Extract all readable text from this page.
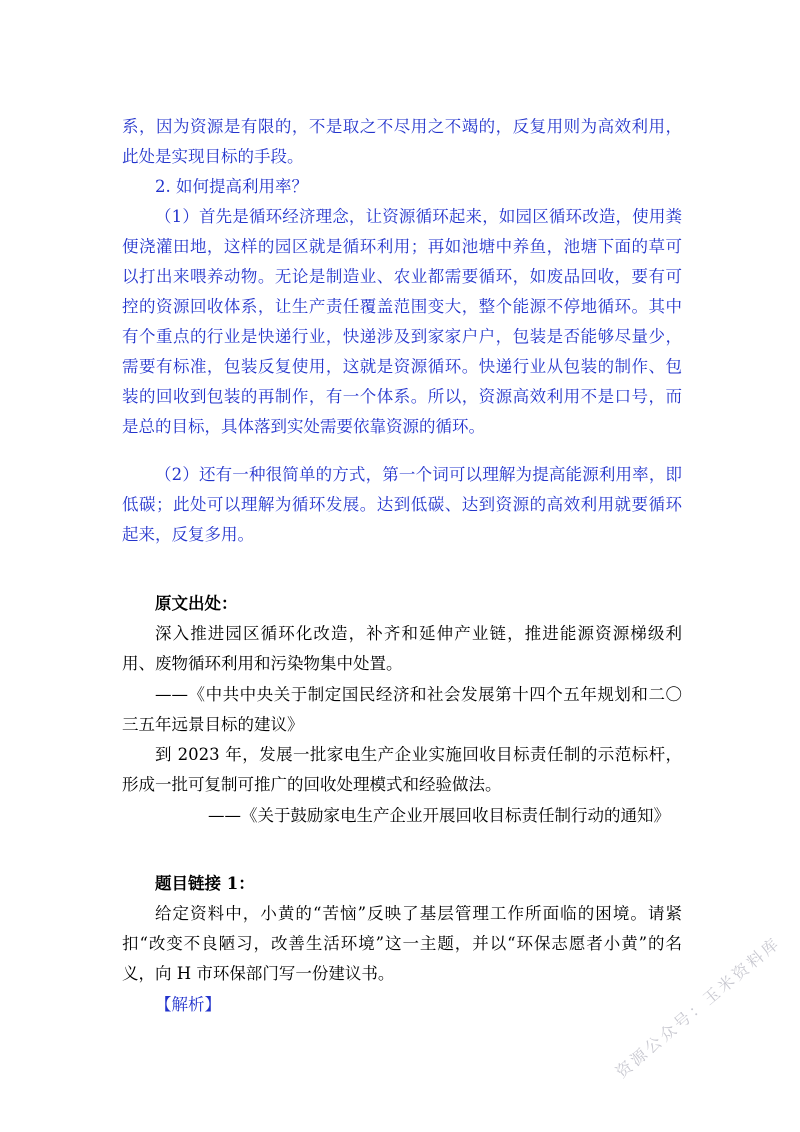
系，因为资源是有限的，不是取之不尽用之不竭的，反复用则为高效利用，此处是实现目标的手段。

2. 如何提高利用率？

（1）首先是循环经济理念，让资源循环起来，如园区循环改造，使用粪便浇灌田地，这样的园区就是循环利用；再如池塘中养鱼，池塘下面的草可以打出来喂养动物。无论是制造业、农业都需要循环，如废品回收，要有可控的资源回收体系，让生产责任覆盖范围变大，整个能源不停地循环。其中有个重点的行业是快递行业，快递涉及到家家户户，包装是否能够尽量少，需要有标准，包装反复使用，这就是资源循环。快递行业从包装的制作、包装的回收到包装的再制作，有一个体系。所以，资源高效利用不是口号，而是总的目标，具体落到实处需要依靠资源的循环。

（2）还有一种很简单的方式，第一个词可以理解为提高能源利用率，即低碳；此处可以理解为循环发展。达到低碳、达到资源的高效利用就要循环起来，反复多用。

原文出处：

深入推进园区循环化改造，补齐和延伸产业链，推进能源资源梯级利用、废物循环利用和污染物集中处置。

——《中共中央关于制定国民经济和社会发展第十四个五年规划和二〇三五年远景目标的建议》

到 2023 年，发展一批家电生产企业实施回收目标责任制的示范标杆，形成一批可复制可推广的回收处理模式和经验做法。

——《关于鼓励家电生产企业开展回收目标责任制行动的通知》

题目链接 1：

给定资料中，小黄的“苦恼”反映了基层管理工作所面临的困境。请紧扣“改变不良陋习，改善生活环境”这一主题，并以“环保志愿者小黄”的名义，向 H 市环保部门写一份建议书。

【解析】	资源公众号：玉米资料库
